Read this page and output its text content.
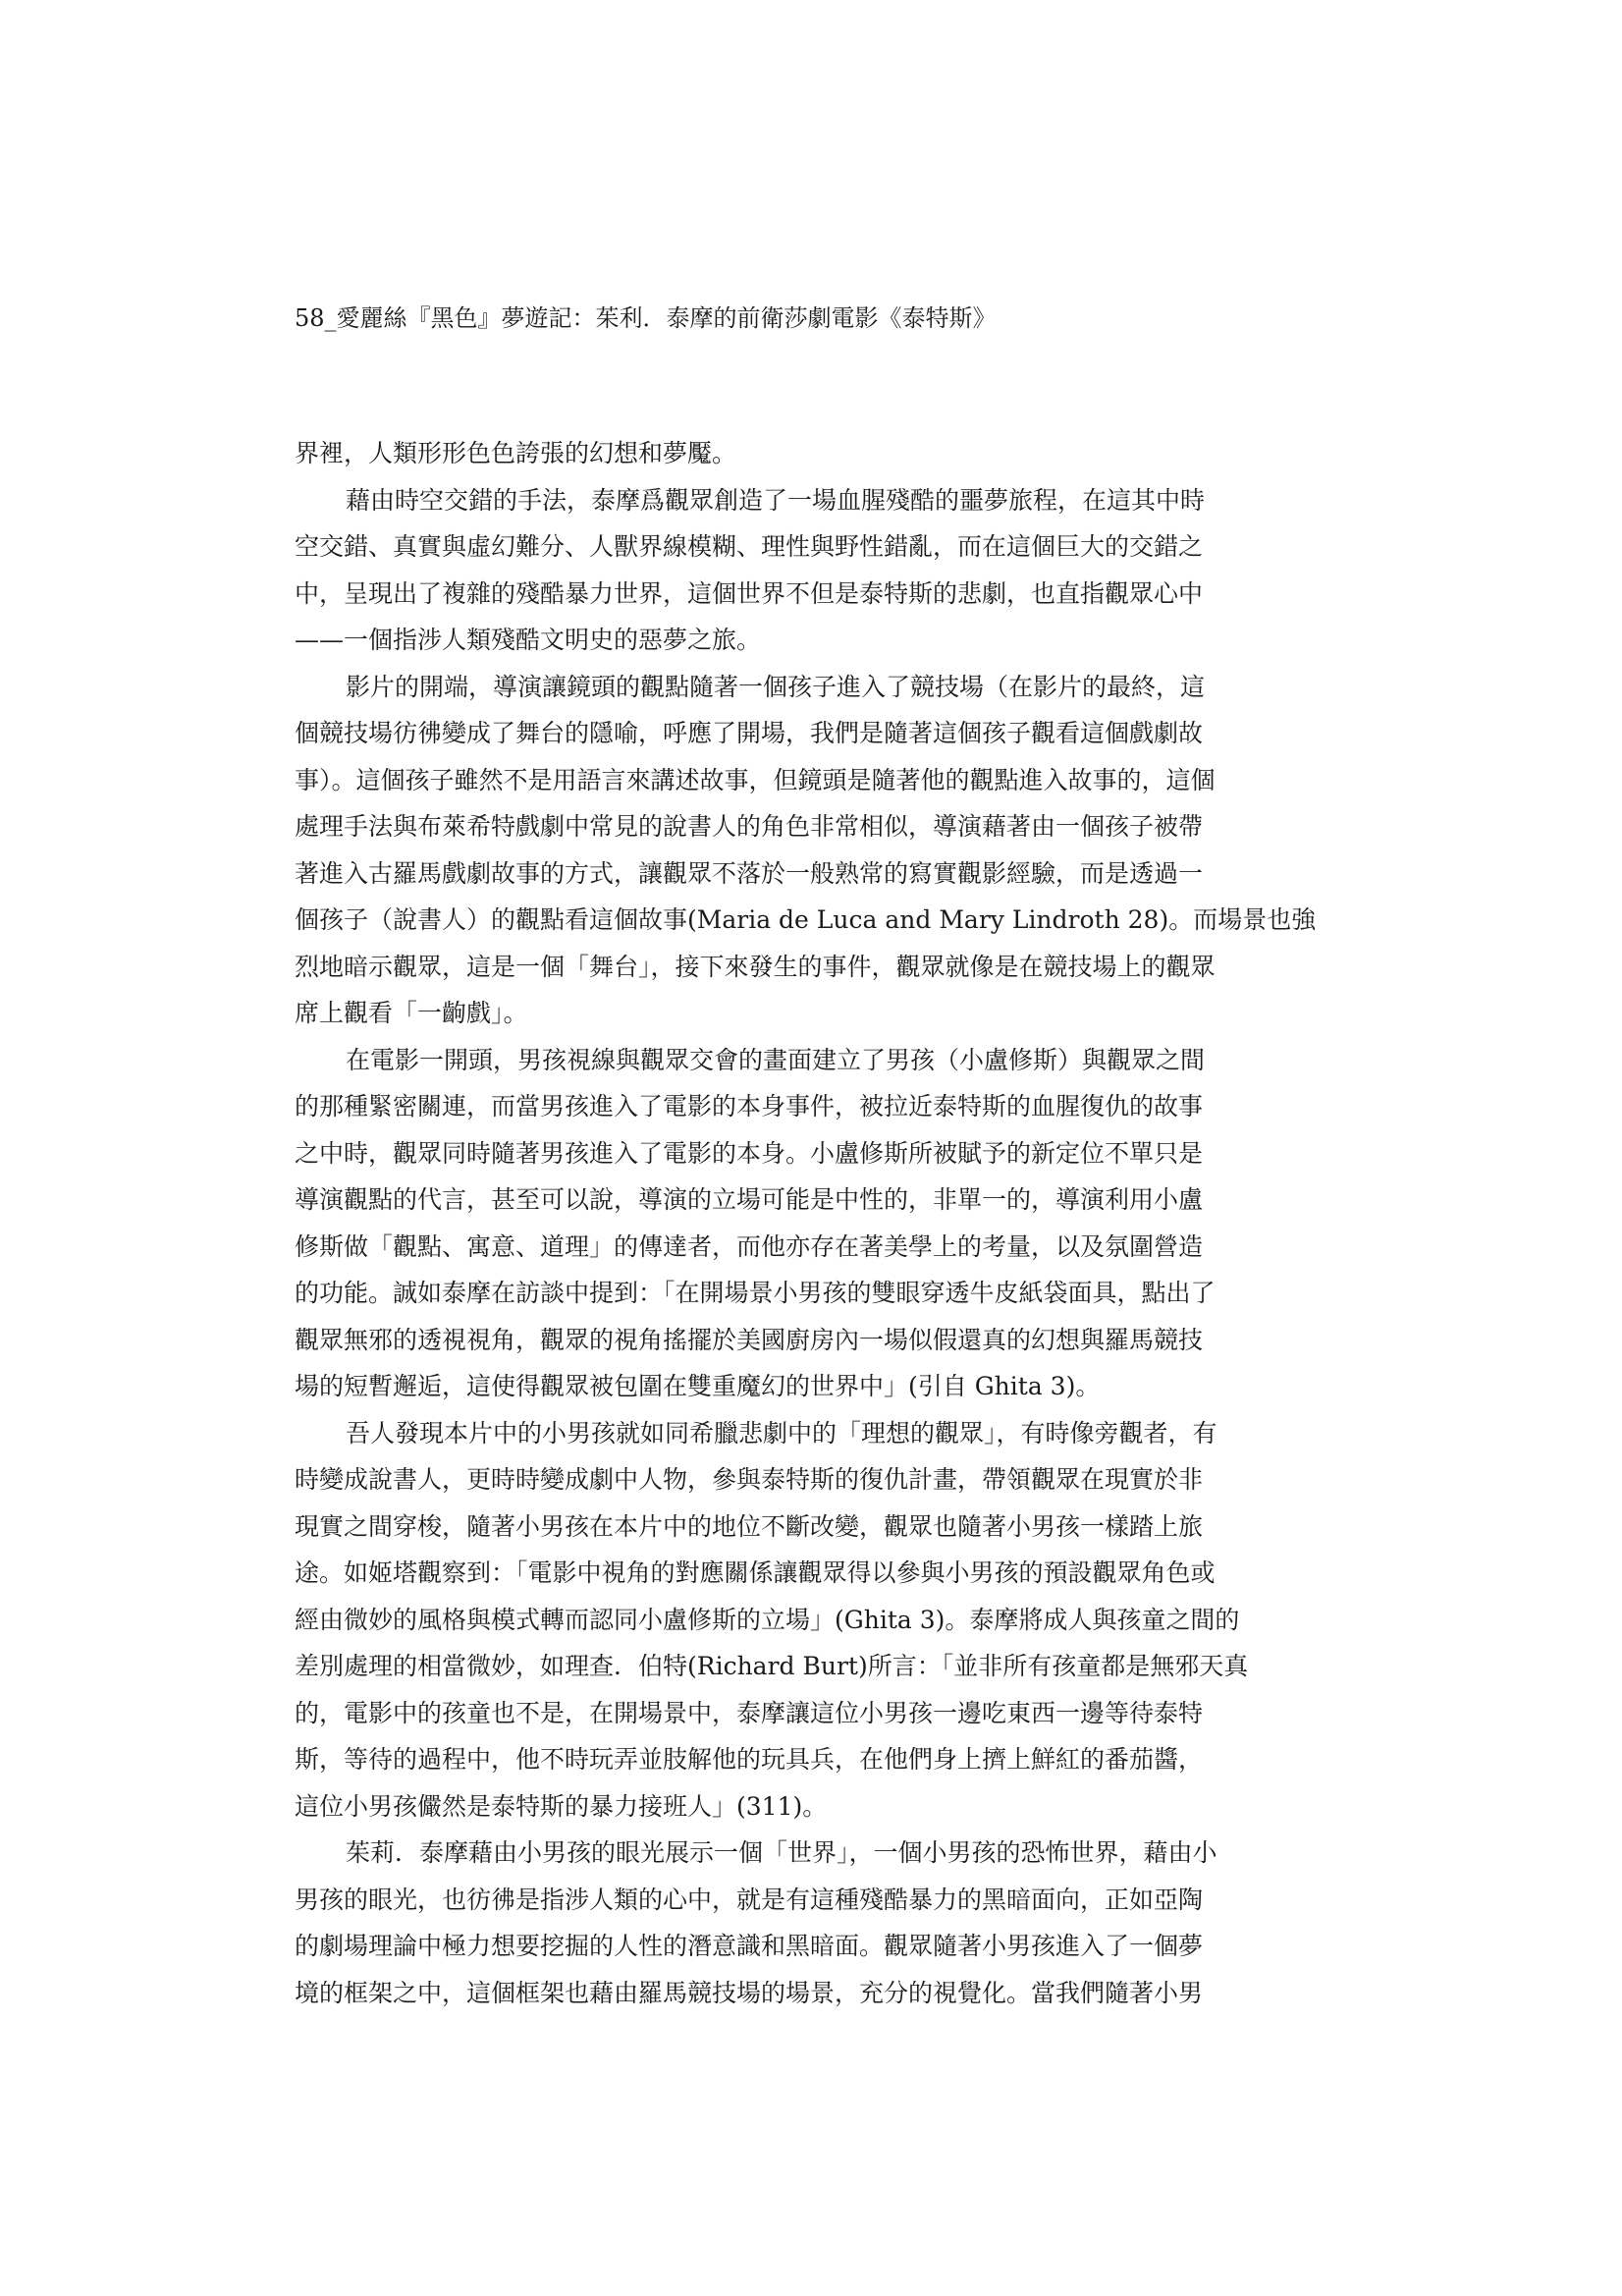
58_愛麗絲『黑色』夢遊記：茱利．泰摩的前衛莎劇電影《泰特斯》
界裡，人類形形色色誇張的幻想和夢魘。
藉由時空交錯的手法，泰摩爲觀眾創造了一場血腥殘酷的噩夢旅程，在這其中時
空交錯、真實與虛幻難分、人獸界線模糊、理性與野性錯亂，而在這個巨大的交錯之
中，呈現出了複雜的殘酷暴力世界，這個世界不但是泰特斯的悲劇，也直指觀眾心中
——一個指涉人類殘酷文明史的惡夢之旅。
影片的開端，導演讓鏡頭的觀點隨著一個孩子進入了競技場（在影片的最終，這
個競技場彷彿變成了舞台的隱喻，呼應了開場，我們是隨著這個孩子觀看這個戲劇故
事）。這個孩子雖然不是用語言來講述故事，但鏡頭是隨著他的觀點進入故事的，這個
處理手法與布萊希特戲劇中常見的說書人的角色非常相似，導演藉著由一個孩子被帶
著進入古羅馬戲劇故事的方式，讓觀眾不落於一般熟常的寫實觀影經驗，而是透過一
個孩子（說書人）的觀點看這個故事(Maria de Luca and Mary Lindroth 28)。而場景也強
烈地暗示觀眾，這是一個「舞台」，接下來發生的事件，觀眾就像是在競技場上的觀眾
席上觀看「一齣戲」。
在電影一開頭，男孩視線與觀眾交會的畫面建立了男孩（小盧修斯）與觀眾之間
的那種緊密關連，而當男孩進入了電影的本身事件，被拉近泰特斯的血腥復仇的故事
之中時，觀眾同時隨著男孩進入了電影的本身。小盧修斯所被賦予的新定位不單只是
導演觀點的代言，甚至可以說，導演的立場可能是中性的，非單一的，導演利用小盧
修斯做「觀點、寓意、道理」的傳達者，而他亦存在著美學上的考量，以及氛圍營造
的功能。誠如泰摩在訪談中提到：「在開場景小男孩的雙眼穿透牛皮紙袋面具，點出了
觀眾無邪的透視視角，觀眾的視角搖擺於美國廚房內一場似假還真的幻想與羅馬競技
場的短暫邂逅，這使得觀眾被包圍在雙重魔幻的世界中」(引自 Ghita 3)。
吾人發現本片中的小男孩就如同希臘悲劇中的「理想的觀眾」，有時像旁觀者，有
時變成說書人，更時時變成劇中人物，參與泰特斯的復仇計畫，帶領觀眾在現實於非
現實之間穿梭，隨著小男孩在本片中的地位不斷改變，觀眾也隨著小男孩一樣踏上旅
途。如姬塔觀察到：「電影中視角的對應關係讓觀眾得以參與小男孩的預設觀眾角色或
經由微妙的風格與模式轉而認同小盧修斯的立場」(Ghita 3)。泰摩將成人與孩童之間的
差別處理的相當微妙，如理查．伯特(Richard Burt)所言：「並非所有孩童都是無邪天真
的，電影中的孩童也不是，在開場景中，泰摩讓這位小男孩一邊吃東西一邊等待泰特
斯，等待的過程中，他不時玩弄並肢解他的玩具兵，在他們身上擠上鮮紅的番茄醬，
這位小男孩儼然是泰特斯的暴力接班人」(311)。
茱莉．泰摩藉由小男孩的眼光展示一個「世界」，一個小男孩的恐怖世界，藉由小
男孩的眼光，也彷彿是指涉人類的心中，就是有這種殘酷暴力的黑暗面向，正如亞陶
的劇場理論中極力想要挖掘的人性的潛意識和黑暗面。觀眾隨著小男孩進入了一個夢
境的框架之中，這個框架也藉由羅馬競技場的場景，充分的視覺化。當我們隨著小男
